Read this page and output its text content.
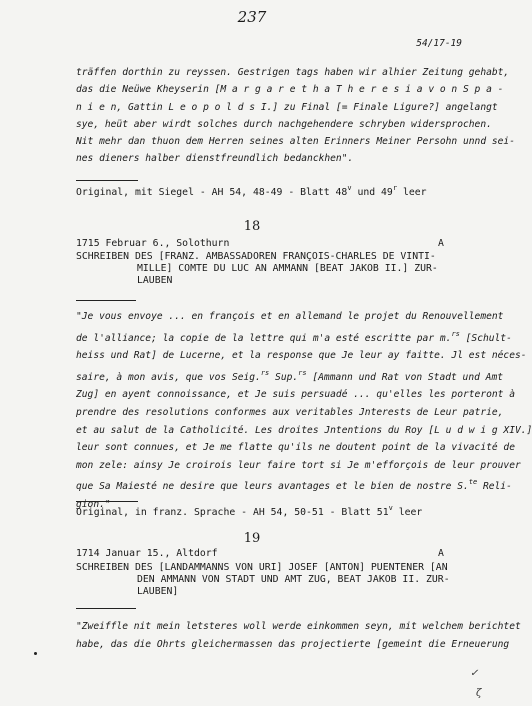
237
54/17-19
träffen dorthin zu reyssen. Gestrigen tags haben wir alhier Zeitung gehabt,
das die Neüwe Kheyserin [M a r g a r e t h a T h e r e s i a v o n S p a -
n i e n, Gattin L e o p o l d s I.] zu Final [= Finale Ligure?] angelangt
sye, heüt aber wirdt solches durch nachgehendere schryben widersprochen.
Nit mehr dan thuon dem Herren seines alten Erinners Meiner Persohn unnd sei-
nes dieners halber dienstfreundlich bedanckhen".
Original, mit Siegel - AH 54, 48-49 - Blatt 48$^v$ und 49$^r$ leer
18
1715 Februar 6., Solothurn	A
SCHREIBEN DES [FRANZ. AMBASSADOREN FRANÇOIS-CHARLES DE VINTI-
MILLE] COMTE DU LUC AN AMMANN [BEAT JAKOB II.] ZUR-
LAUBEN
"Je vous envoye ... en françois et en allemand le projet du Renouvellement
de l'alliance; la copie de la lettre qui m'a esté escritte par m.$^{rs}$ [Schult-
heiss und Rat] de Lucerne, et la response que Je leur ay faitte. Jl est néces-
saire, à mon avis, que vos Seig.$^{rs}$ Sup.$^{rs}$ [Ammann und Rat von Stadt und Amt
Zug] en ayent connoissance, et Je suis persuadé ... qu'elles les porteront à
prendre des resolutions conformes aux veritables Jnterests de Leur patrie,
et au salut de la Catholicité. Les droites Jntentions du Roy [L u d w i g XIV.]
leur sont connues, et Je me flatte qu'ils ne doutent point de la vivacité de
mon zele: ainsy Je croirois leur faire tort si Je m'efforçois de leur prouver
que Sa Maiesté ne desire que leurs avantages et le bien de nostre S.$^{te}$ Reli-
gion."
Original, in franz. Sprache - AH 54, 50-51 - Blatt 51$^v$ leer
19
1714 Januar 15., Altdorf	A
SCHREIBEN DES [LANDAMMANNS VON URI] JOSEF [ANTON] PUENTENER [AN
DEN AMMANN VON STADT UND AMT ZUG, BEAT JAKOB II. ZUR-
LAUBEN]
"Zweiffle nit mein letsteres woll werde einkommen seyn, mit welchem berichtet
habe, das die Ohrts gleichermassen das projectierte [gemeint die Erneuerung
✓
ζ
